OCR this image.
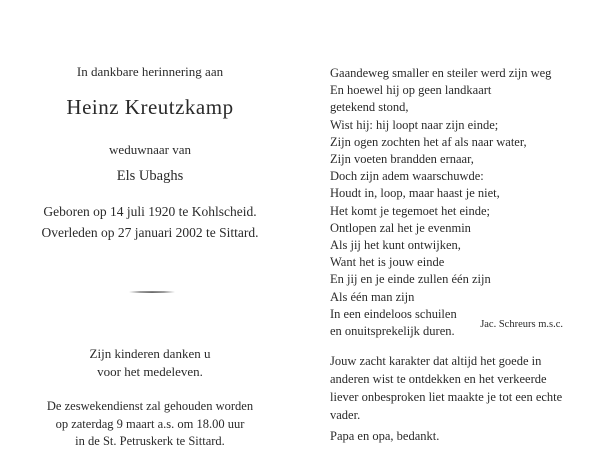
In dankbare herinnering aan
Heinz Kreutzkamp
weduwnaar van
Els Ubaghs
Geboren op 14 juli 1920 te Kohlscheid.
Overleden op 27 januari 2002 te Sittard.
Zijn kinderen danken u
voor het medeleven.
De zeswekendienst zal gehouden worden
op zaterdag 9 maart a.s. om 18.00 uur
in de St. Petruskerk te Sittard.
Gaandeweg smaller en steiler werd zijn weg
En hoewel hij op geen landkaart
getekend stond,
Wist hij: hij loopt naar zijn einde;
Zijn ogen zochten het af als naar water,
Zijn voeten brandden ernaar,
Doch zijn adem waarschuwde:
Houdt in, loop, maar haast je niet,
Het komt je tegemoet het einde;
Ontlopen zal het je evenmin
Als jij het kunt ontwijken,
Want het is jouw einde
En jij en je einde zullen één zijn
Als één man zijn
In een eindeloos schuilen
en onuitsprekelijk duren.	Jac. Schreurs m.s.c.
Jouw zacht karakter dat altijd het goede in
anderen wist te ontdekken en het verkeerde
liever onbesproken liet maakte je tot een echte
vader.
Papa en opa, bedankt.
